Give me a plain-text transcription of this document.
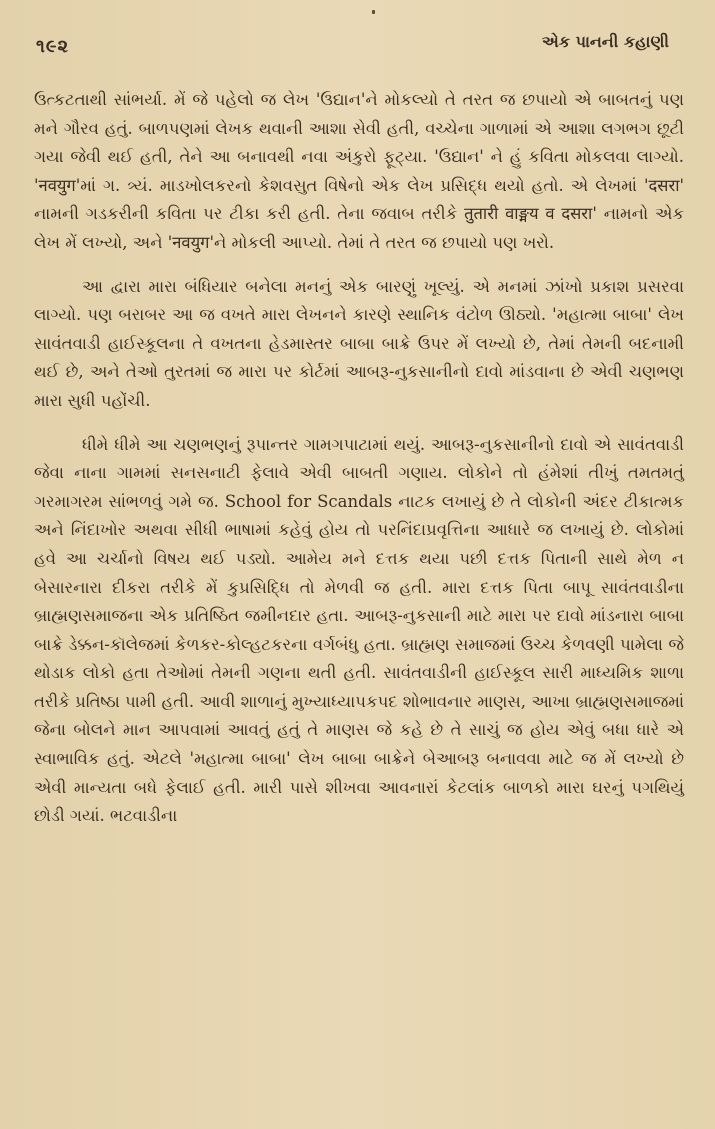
૧૯૨	એક પાનની કહાણી

ઉત્કટતાથી સાંભર્યા. મેં જે પહેલો જ લેખ 'ઉદ્યાન'ને મોકલ્યો તે તરત જ છપાયો એ બાબતનું પણ મને ગૌરવ હતું. બાળપણમાં લેખક થવાની આશા સેવી હતી, વચ્ચેના ગાળામાં એ આશા લગભગ છૂટી ગયા જેવી થઈ હતી, તેને આ બનાવથી નવા અંકુરો ફૂટ્યા. 'ઉદ્યાન' ને હું કવિતા મોકલવા લાગ્યો. 'नवयुग'માં ગ. ત્ર્યં. માડખોલકરનો કેશવસુત વિષેનો એક લેખ પ્રસિદ્ધ થયો હતો. એ લેખમાં 'दसरा' નામની ગડકરીની કવિતા પર ટીકા કરી હતી. તેના જવાબ તરીકે तुतारी वाङ्मय व दसरा' નામનો એક લેખ મેં લખ્યો, અને 'नवयुग'ને મોકલી આપ્યો. તેમાં તે તરત જ છપાયો પણ ખરો.

આ દ્વારા મારા બંધિયાર બનેલા મનનું એક બારણું ખૂલ્યું. એ મનમાં ઝાંખો પ્રકાશ પ્રસરવા લાગ્યો. પણ બરાબર આ જ વખતે મારા લેખનને કારણે સ્થાનિક વંટોળ ઊઠ્યો. 'મહાત્મા બાબા' લેખ સાવંતવાડી હાઈસ્કૂલના તે વખતના હેડમાસ્તર બાબા બાક્રે ઉપર મેં લખ્યો છે, તેમાં તેમની બદનામી થઈ છે, અને તેઓ તુરતમાં જ મારા પર કોર્ટમાં આબરૂ-નુકસાનીનો દાવો માંડવાના છે એવી ચણભણ મારા સુધી પહોંચી.

ધીમે ધીમે આ ચણભણનું રૂપાન્તર ગામગપાટામાં થયું. આબરૂ-નુકસાનીનો દાવો એ સાવંતવાડી જેવા નાના ગામમાં સનસનાટી ફેલાવે એવી બાબતી ગણાય. લોકોને તો હંમેશાં તીખું તમતમતું ગરમાગરમ સાંભળવું ગમે જ. School for Scandals નાટક લખાયું છે તે લોકોની અંદર ટીકાત્મક અને નિંદાખોર અથવા સીધી ભાષામાં કહેવું હોય તો પરનિંદાપ્રવૃત્તિના આધારે જ લખાયું છે. લોકોમાં હવે આ ચર્ચાનો વિષય થઈ પડ્યો. આમેય મને દત્તક થયા પછી દત્તક પિતાની સાથે મેળ ન બેસારનારા દીકરા તરીકે મેં કુપ્રસિદ્ધિ તો મેળવી જ હતી. મારા દત્તક પિતા બાપૂ સાવંતવાડીના બ્રાહ્મણસમાજના એક પ્રતિષ્ઠિત જમીનદાર હતા. આબરૂ-નુકસાની માટે મારા પર દાવો માંડનારા બાબા બાક્રે ડેક્કન-કૉલેજમાં કેળકર-કોલ્હટકરના વર્ગબંધુ હતા. બ્રાહ્મણ સમાજમાં ઉચ્ચ કેળવણી પામેલા જે થોડાક લોકો હતા તેઓમાં તેમની ગણના થતી હતી. સાવંતવાડીની હાઈસ્કૂલ સારી માધ્યમિક શાળા તરીકે પ્રતિષ્ઠા પામી હતી. આવી શાળાનું મુખ્યાધ્યાપકપદ શોભાવનાર માણસ, આખા બ્રાહ્મણસમાજમાં જેના બોલને માન આપવામાં આવતું હતું તે માણસ જે કહે છે તે સાચું જ હોય એવું બધા ધારે એ સ્વાભાવિક હતું. એટલે 'મહાત્મા બાબા' લેખ બાબા બાક્રેને બેઆબરૂ બનાવવા માટે જ મેં લખ્યો છે એવી માન્યતા બધે ફેલાઈ હતી. મારી પાસે શીખવા આવનારાં કેટલાંક બાળકો મારા ઘરનું પગથિયું છોડી ગયાં. ભટવાડીના
